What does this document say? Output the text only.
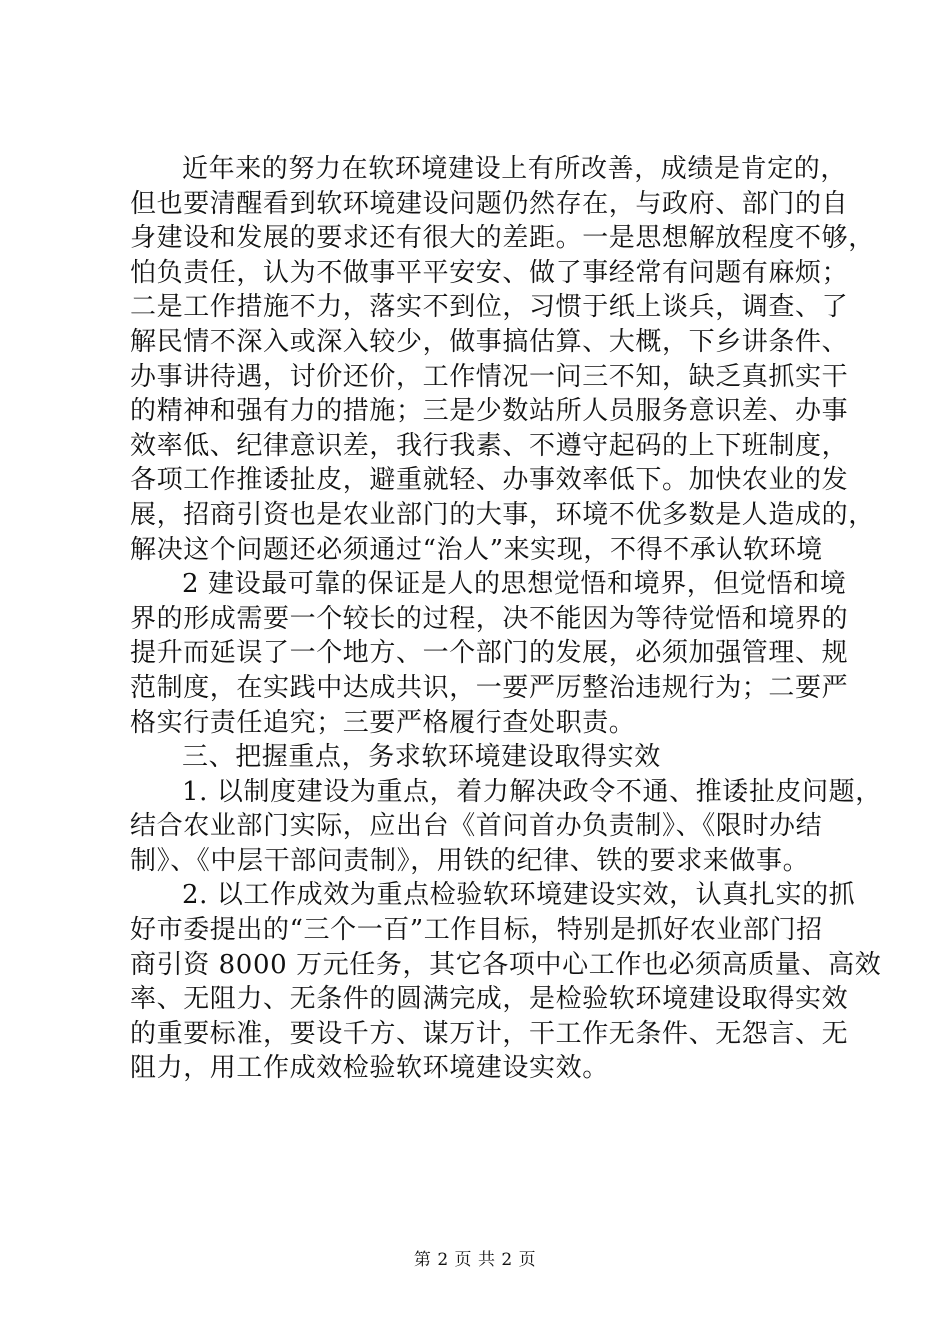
近年来的努力在软环境建设上有所改善，成绩是肯定的，
但也要清醒看到软环境建设问题仍然存在，与政府、部门的自
身建设和发展的要求还有很大的差距。一是思想解放程度不够，
怕负责任，认为不做事平平安安、做了事经常有问题有麻烦；
二是工作措施不力，落实不到位，习惯于纸上谈兵，调查、了
解民情不深入或深入较少，做事搞估算、大概，下乡讲条件、
办事讲待遇，讨价还价，工作情况一问三不知，缺乏真抓实干
的精神和强有力的措施；三是少数站所人员服务意识差、办事
效率低、纪律意识差，我行我素、不遵守起码的上下班制度，
各项工作推诿扯皮，避重就轻、办事效率低下。加快农业的发
展，招商引资也是农业部门的大事，环境不优多数是人造成的，
解决这个问题还必须通过“治人”来实现，不得不承认软环境
2 建设最可靠的保证是人的思想觉悟和境界，但觉悟和境
界的形成需要一个较长的过程，决不能因为等待觉悟和境界的
提升而延误了一个地方、一个部门的发展，必须加强管理、规
范制度，在实践中达成共识，一要严厉整治违规行为；二要严
格实行责任追究；三要严格履行查处职责。
三、把握重点，务求软环境建设取得实效
1. 以制度建设为重点，着力解决政令不通、推诿扯皮问题，
结合农业部门实际，应出台《首问首办负责制》、《限时办结
制》、《中层干部问责制》，用铁的纪律、铁的要求来做事。
2. 以工作成效为重点检验软环境建设实效，认真扎实的抓
好市委提出的“三个一百”工作目标，特别是抓好农业部门招
商引资 8000 万元任务，其它各项中心工作也必须高质量、高效
率、无阻力、无条件的圆满完成，是检验软环境建设取得实效
的重要标准，要设千方、谋万计，干工作无条件、无怨言、无
阻力，用工作成效检验软环境建设实效。
第 2 页 共 2 页
